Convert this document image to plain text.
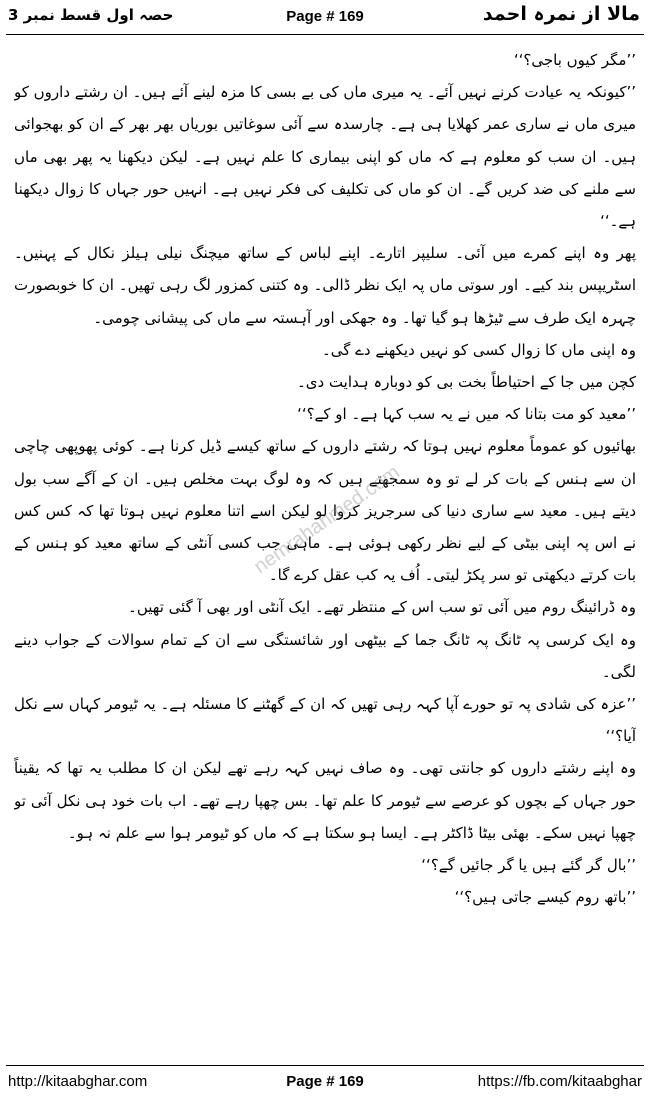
حصہ اول قسط نمبر 3	Page # 169	مالا از نمرہ احمد

’’مگر کیوں باجی؟‘‘

’’کیونکہ یہ عیادت کرنے نہیں آئے۔ یہ میری ماں کی بے بسی کا مزہ لینے آئے ہیں۔ ان رشتے داروں کو میری ماں نے ساری عمر کھلایا ہی ہے۔ چارسدہ سے آئی سوغاتیں بوریاں بھر بھر کے ان کو بھجوائی ہیں۔ ان سب کو معلوم ہے کہ ماں کو اپنی بیماری کا علم نہیں ہے۔ لیکن دیکھنا یہ پھر بھی ماں سے ملنے کی ضد کریں گے۔ ان کو ماں کی تکلیف کی فکر نہیں ہے۔ انہیں حور جہاں کا زوال دیکھنا ہے۔‘‘

پھر وہ اپنے کمرے میں آئی۔ سلیپر اتارے۔ اپنے لباس کے ساتھ میچنگ نیلی ہیلز نکال کے پہنیں۔ اسٹریپس بند کیے۔ اور سوتی ماں پہ ایک نظر ڈالی۔ وہ کتنی کمزور لگ رہی تھیں۔ ان کا خوبصورت چہرہ ایک طرف سے ٹیڑھا ہو گیا تھا۔ وہ جھکی اور آہستہ سے ماں کی پیشانی چومی۔

وہ اپنی ماں کا زوال کسی کو نہیں دیکھنے دے گی۔

کچن میں جا کے احتیاطاً بخت بی کو دوبارہ ہدایت دی۔

’’معید کو مت بتانا کہ میں نے یہ سب کہا ہے۔ او کے؟‘‘

بھائیوں کو عموماً معلوم نہیں ہوتا کہ رشتے داروں کے ساتھ کیسے ڈیل کرنا ہے۔ کوئی پھوپھی چاچی ان سے ہنس کے بات کر لے تو وہ سمجھتے ہیں کہ وہ لوگ بہت مخلص ہیں۔ ان کے آگے سب بول دیتے ہیں۔ معید سے ساری دنیا کی سرجریز کروا لو لیکن اسے اتنا معلوم نہیں ہوتا تھا کہ کس کس نے اس پہ اپنی بیٹی کے لیے نظر رکھی ہوئی ہے۔ ماہی جب کسی آنٹی کے ساتھ معید کو ہنس کے بات کرتے دیکھتی تو سر پکڑ لیتی۔ اُف یہ کب عقل کرے گا۔

وہ ڈرائینگ روم میں آئی تو سب اس کے منتظر تھے۔ ایک آنٹی اور بھی آ گئی تھیں۔

وہ ایک کرسی پہ ٹانگ پہ ٹانگ جما کے بیٹھی اور شائستگی سے ان کے تمام سوالات کے جواب دینے لگی۔

’’عزہ کی شادی پہ تو حورے آپا کہہ رہی تھیں کہ ان کے گھٹنے کا مسئلہ ہے۔ یہ ٹیومر کہاں سے نکل آیا؟‘‘

وہ اپنے رشتے داروں کو جانتی تھی۔ وہ صاف نہیں کہہ رہے تھے لیکن ان کا مطلب یہ تھا کہ یقیناً حور جہاں کے بچوں کو عرصے سے ٹیومر کا علم تھا۔ بس چھپا رہے تھے۔ اب بات خود ہی نکل آئی تو چھپا نہیں سکے۔ بھئی بیٹا ڈاکٹر ہے۔ ایسا ہو سکتا ہے کہ ماں کو ٹیومر ہوا سے علم نہ ہو۔

’’بال گر گئے ہیں یا گر جائیں گے؟‘‘

’’باتھ روم کیسے جاتی ہیں؟‘‘

nemrahahmed.com
http://kitaabghar.com	Page # 169	https://fb.com/kitaabghar
